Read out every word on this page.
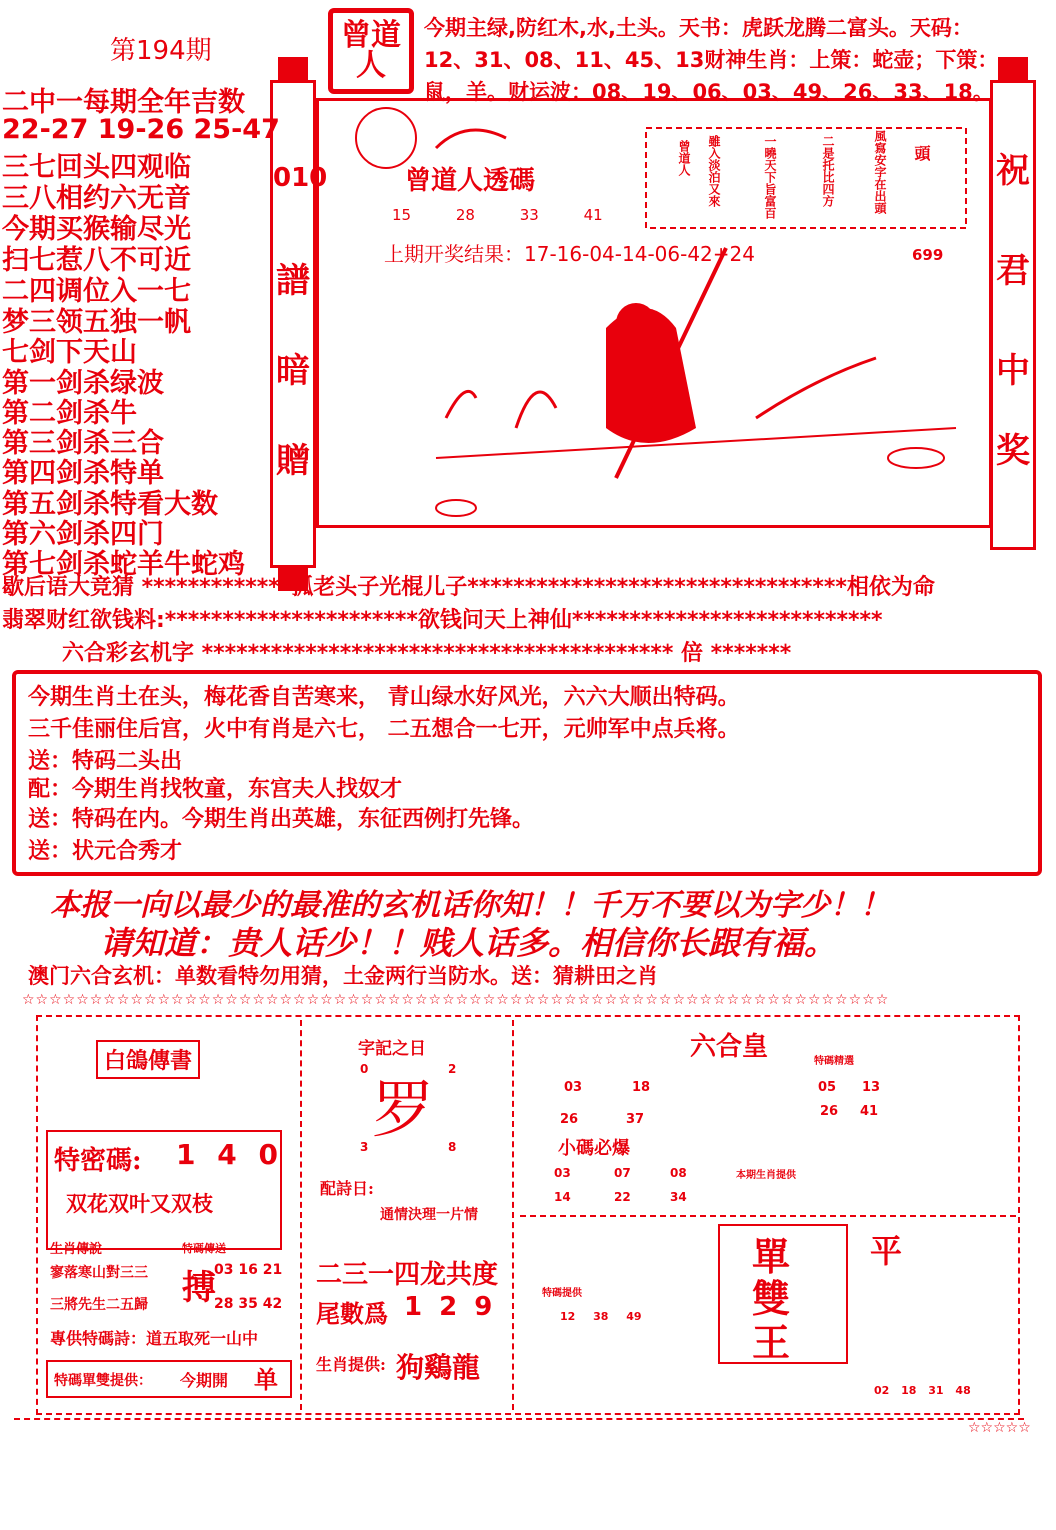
第194期
二中一每期全年吉数
22-27 19-26 25-47
三七回头四观临
三八相约六无音
今期买猴输尽光
扫七惹八不可近
二四调位入一七
梦三领五独一帆
七剑下天山
第一剑杀绿波
第二剑杀牛
第三剑杀三合
第四剑杀特单
第五剑杀特看大数
第六剑杀四门
第七剑杀蛇羊牛蛇鸡
曾道人
今期主绿,防红木,水,土头。天书：虎跃龙腾二富头。天码：
12、31、08、11、45、13财神生肖：上策：蛇壶；下策：
鼠，羊。财运波：08、19、06、03、49、26、33、18。
010
譜
暗
贈
曾道人透碼
15 28 33 41
上期开奖结果：17-16-04-14-06-42+24	699
曾道人 雖入淡泊又來	一曉天下旨富百	二是托比四方	風寫安字在出頭 頭 祝
君
中
奖
歇后语大竞猜 *************孤老头子光棍儿子*********************************相依为命
翡翠财红欲钱料:**********************欲钱问天上神仙***************************
六合彩玄机字 ***************************************** 倍 *******
今期生肖土在头，梅花香自苦寒来， 青山绿水好风光，六六大顺出特码。
三千佳丽住后宫，火中有肖是六七， 二五想合一七开，元帅军中点兵将。
送：特码二头出
配：今期生肖找牧童，东宫夫人找奴才
送：特码在内。今期生肖出英雄，东征西例打先锋。
送：状元合秀才
本报一向以最少的最准的玄机话你知！！千万不要以为字少！！
请知道：贵人话少！！贱人话多。相信你长跟有福。
澳门六合玄机：单数看特勿用猜，土金两行当防水。送：猜耕田之肖
☆☆☆☆☆☆☆☆☆☆☆☆☆☆☆☆☆☆☆☆☆☆☆☆☆☆☆☆☆☆☆☆☆☆☆☆☆☆☆☆☆☆☆☆☆☆☆☆☆☆☆☆☆☆☆☆☆☆☆☆☆☆☆☆
白鴿傳書
特密碼: 1 4 0
双花双叶又双枝
生肖傳說
寥落寒山對三三
三將先生二五歸
特碼傳送
搏
03 16 21
28 35 42
專供特碼詩：道五取死一山中
特碼單雙提供： 今期開 单
字記之日
0	2
3	8
罗
配詩日:
通情決理一片情
二三一四龙共度
尾數爲 1 2 9
生肖提供: 狗鷄龍
六合皇
03	18
26	37
05 13
26 41
特碼精選
小碼必爆
03	07	08
14	22	34
本期生肖提供
特碼提供
12 38 49
單
雙
王
平
02 18 31 48
☆☆☆☆☆
